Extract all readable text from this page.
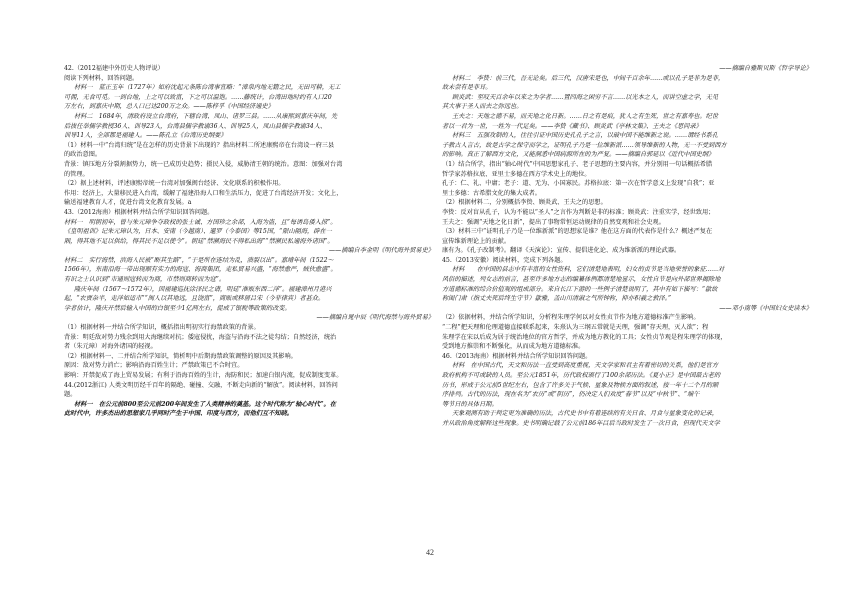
42.（2012福建中外历史人物评说）
阅读下列材料，回答问题。
材料一　蓝正玉年（1727年）如府沈起元条陈台湾事宜略：“漳泉内地无籍之民，无田可耕，无工
可佣，无食可觅。一到台地，上之可以致富，下之可以温饱。……藤统计，台湾田地时约有人口20
万左右，到嘉庆中期，总人口已达200万之众。——陈梓孚《中国经济通史》
材料二　1684年，清政府设立台湾府，下辖台湾、凤山、诸罗三县。……从康熙到嘉庆年间，先
后拔任举儒学教授36人、训导23人，台湾县儒学教谕36人、训导25人，凤山县儒学教谕34人、
训导11人，全部都是福建人。——陈孔立《台湾历史纲要》
（1）材料一中“台湾归统”是在怎样的历史背景下出现的？指出材料二所述康熙帝在台湾设一府三县
的政治意图。
背景：镇压地方分裂割据势力，统一已成历史趋势；摄民入侵，威胁清王朝的统治。意图：加强对台湾
的管理。
（2）据上述材料，评述康熙帝统一台湾对加强闽台经济、文化联系的积极作用。
作用：经济上，大量移民进入台湾，缓解了福建沿海人口和生活压力，促进了台湾经济开发；文化上，
输送福建教育人才，促进台湾文化教育发展。a
43.（2012海南）根据材料并结合所学知识回答问题。
材料一　明朝初年，曾与朱元璋争夺政权的张士诚、方国珍之余部，入海为盗，且“每诱岛倭入掠”。
《皇明祖训》记朱元璋认为，日本、安南（今越南）、暹罗（今泰国）等15国，“限山隔海，辟在一
隅，得其地不足以供给，得其民不足以使令”。朝廷“禁濒海民不得私出海”“禁濒民私通海外诸国”。
——摘编自李金明《明代海外贸易史》
材料二　实行海禁，滨海人民被“断其生路”，“于是所在连结为乱，溃裂以出”。嘉靖年间（1522～
1566年），东南沿海一带出现顺有实力的海寇、海商集团，走私贸易兴盛，“海禁愈严，贼伙愈盛”。
有识之士认识到“市通则寇转而为商，市禁则商转而为寇”。
隆庆年间（1567～1572年），因福建巡抚涂泽民之请，明廷“准贩东西二洋”。福建漳州月港兴
起，“农贾杂半，走洋如适市”“闽人以其地远，且饶富”，商贩或移居吕宋（今菲律宾）者甚众。
学者估计，隆庆开禁后输入中国的白银至少1亿两左右，促成了银税等政策的改变。
——摘编自晁中辰《明代海禁与海外贸易》
（1）根据材料一并结合所学知识，概括指出明初实行海禁政策的背景。
背景：明廷敌对势力残余到用大海继续对抗；倭寇侵扰，海盗与沿海不法之徒勾结；自然经济，统治
者（朱元璋）对海外诸国的轻视。
（2）根据材料一、二并结合所学知识，简析明中后期海禁政策调整的原因及其影响。
原因：敌对势力消亡；影响沿海百姓生计；严禁政策已不合时宜。
影响：开禁促成了海上贸易发展；有利于沿海百姓的生计，海防和民；加速白银内流，促成制度变革。
44.(2012浙江) 人类文明历经千百年的隔绝、碰撞、交融，不断走向新的“解放”。阅读材料，回答问
题。
材料一　在公元前800至公元前200年间发生了人类精神的奠基。这个时代称为“轴心时代”。在
此时代中，许多杰出的思想家几乎同时产生于中国、印度与西方，而他们互不知晓。
——摘编自雅斯贝斯《哲学导论》
材料二　李贽：前三代，吾无论矣。后三代，汉唐宋是也，中间千百余年……或以孔子是非为是非，
故未尝有是非耳。
顾炎武：至叹天百余年以来之为学者……置四海之困穷不言……以光本之人，而讲空虚之学，无见
其大事于圣人而去之弥远也。
王夫之：天地之德不易，而天地之化日新。……日之有是痕，犹人之有生死，世之有嘉寿也。纪世
者以一君为一世，一姓为一代足矣。——李贽《藏书》、顾炎武《亭林文集》、王夫之《思问录》
材料三　五强攻制的人，往往引证中国历史孔孔子之言，以破中国不能维新之说。……谓经书系孔
子教古人言古，故是古学之保守而学之，证明孔子乃是一位维新派……领导维新的人物，无一不受到西方
的影响。真正了解西方文化，又能洞悉中国病源所在的为严复。——摘编自郭延以《近代中国史纲》
（1）结合所学，指出“轴心时代”中国思想家孔子、老子思想的主要内容，并分别用一句话概括希腊
哲学家苏格拉底、亚里士多德在西方学术史上的地位。
孔子：仁、礼、中庸；老子：道、无为、小国寡民。苏格拉底：第一次在哲学意义上发现“自我”；亚
里士多德：古希腊文化的集大成者。
（2）根据材料二，分别概括李贽、顾炎武、王夫之的思想。
李贽：反对盲从孔子，认为不能以“圣人”之言作为判断是非的标准；顾炎武：注重实学，经世致用；
王夫之：强调“天地之化日新”，提出了事物常恒运动规律的自然变观和社会史观。
（3）材料三中“证明孔子乃是一位维新派”的思想家是谁？他在这方面的代表作是什么？概述严复在
宣传维新理论上的贡献。
康有为。《孔子改制考》。翻译《天演论》；宣传、提倡进化论、成为维新派的理论武器。
45.（2013安徽）阅读材料，完成下列各题。
材料　　在中国的县志中有丰富的女性资料，它们清楚地表明，妇女的贞节是当地荣誉的象征……对
风俗的描述，列女志的前言，甚至许多地方志的编纂体例都清楚地显示，女性自节是向外部世界揭除地
方道德标准的综合价值观的组成部分。来自长江下游的一些例子清楚说明了，其中有如下描写：“歙故
称闺门肃（指丈夫死后终生守节）歙雅，盖山川清淑之气所钟称，抑亦积羲之敦泽。”
——邓小南等《中国妇女史读本》
（2）依据材料，并结合所学知识，分析程朱理学何以对女性贞节作为地方道德标准产生影响。
“二程”把天理和伦理道德直接联系起来，朱熹认为三纲五常就是天理，强调“存天理，灭人欲”；程
朱理学在宋以后成为居于统治地位的官方哲学，并成为地方教化的工具；女性贞节观是程朱理学的体现，
受到地方推崇和不断强化，从而成为地方道德标准。
46.（2013海南）根据材料并结合所学知识回答问题。
材料　在中国古代，天文和历法一直受到高度重视，天文学家和君主有着密切的关系，他们是官方
政府机构不可或缺的人员。至公元1851年，历代政权颁行了100余部历法。《夏小正》是中国最古老的
历书，形成于公元前5世纪左右，包含了许多关于气候、星象及物候方面的叙述，按一年十二个月的顺
序排列。古代的历法，现在名为“农历”或“阴历”，仍决定人们欢度“春节”以及“中秋节”、“端午
等节日的具体日期。
天象观测有助于判定更为准确的历法，古代史书中有着连续的有关日食、月食与星象变化的记录，
并从政治角度解释这些现象。史书明确记载了公元前186年吕后当政时发生了一次日食，但现代天文学
42
